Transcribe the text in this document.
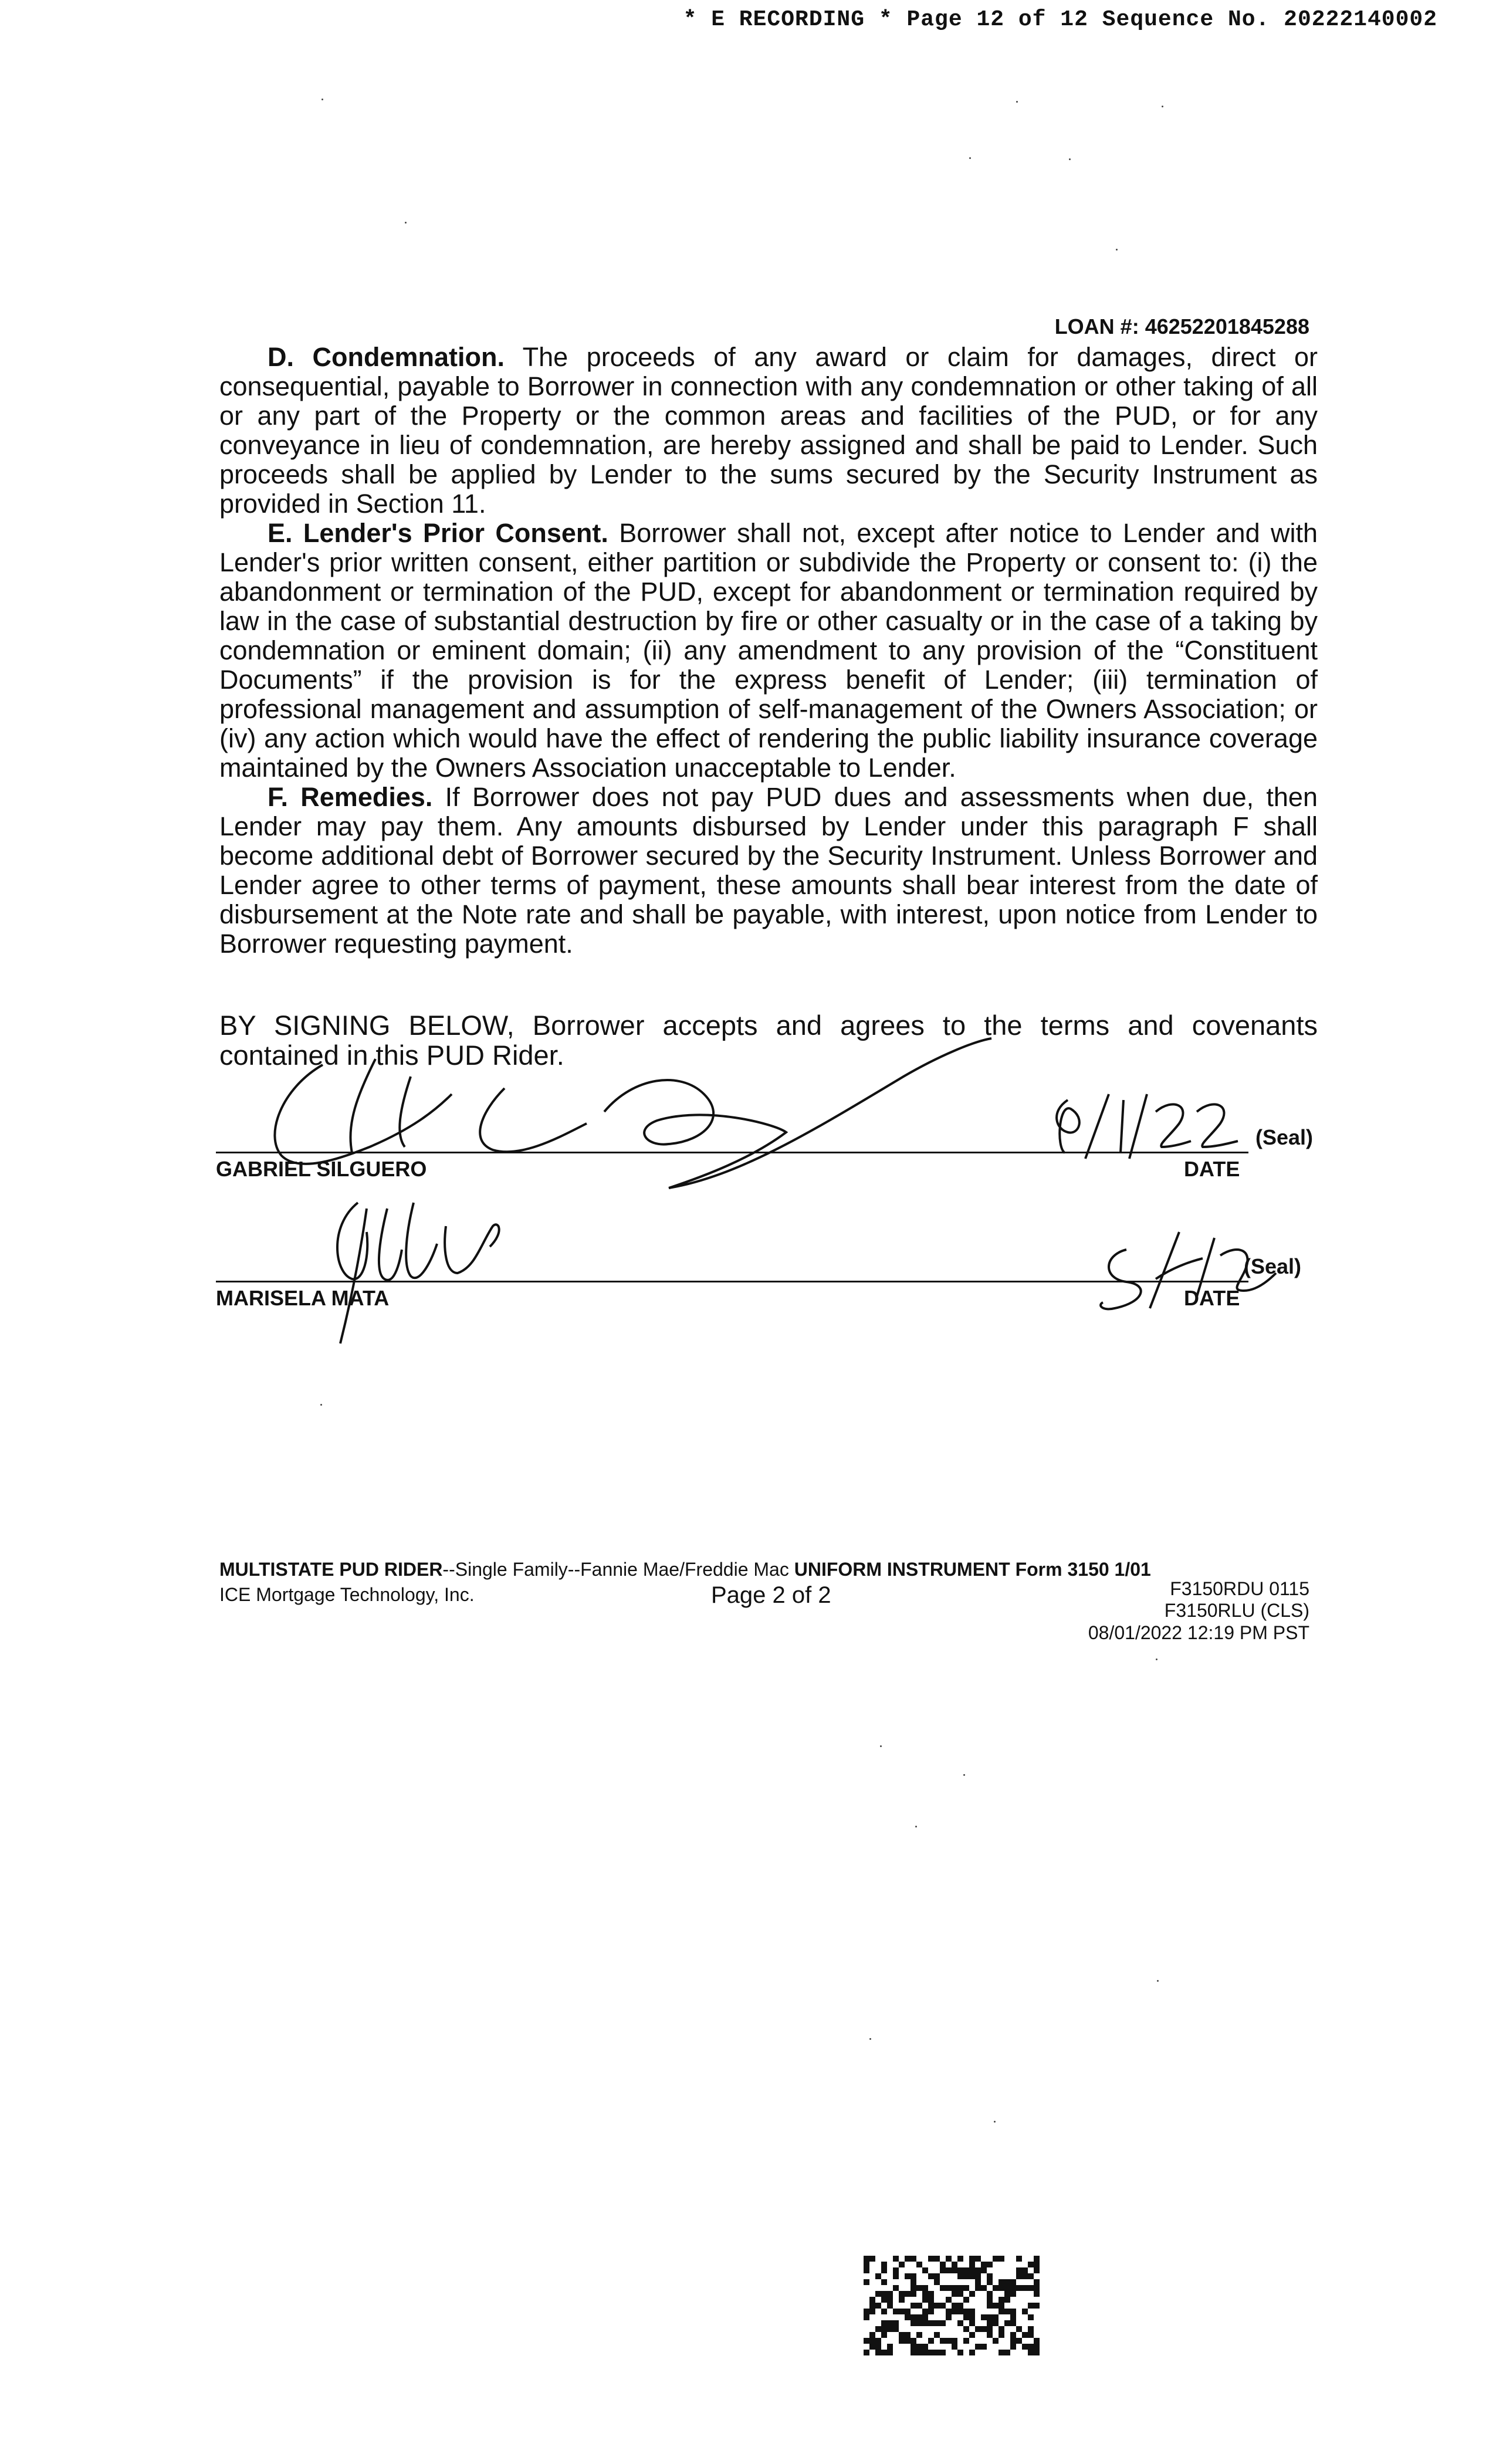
* E RECORDING * Page 12 of 12 Sequence No. 20222140002
LOAN #: 46252201845288

D. Condemnation. The proceeds of any award or claim for damages, direct or consequential, payable to Borrower in connection with any condemnation or other taking of all or any part of the Property or the common areas and facilities of the PUD, or for any conveyance in lieu of condemnation, are hereby assigned and shall be paid to Lender. Such proceeds shall be applied by Lender to the sums secured by the Security Instrument as provided in Section 11.

E. Lender's Prior Consent. Borrower shall not, except after notice to Lender and with Lender's prior written consent, either partition or subdivide the Property or consent to: (i) the abandonment or termination of the PUD, except for abandonment or termination required by law in the case of substantial destruction by fire or other casualty or in the case of a taking by condemnation or eminent domain; (ii) any amendment to any provision of the “Constituent Documents” if the provision is for the express benefit of Lender; (iii) termination of professional management and assumption of self-management of the Owners Association; or (iv) any action which would have the effect of rendering the public liability insurance coverage maintained by the Owners Association unacceptable to Lender.

F. Remedies. If Borrower does not pay PUD dues and assessments when due, then Lender may pay them. Any amounts disbursed by Lender under this paragraph F shall become additional debt of Borrower secured by the Security Instrument. Unless Borrower and Lender agree to other terms of payment, these amounts shall bear interest from the date of disbursement at the Note rate and shall be payable, with interest, upon notice from Lender to Borrower requesting payment.

BY SIGNING BELOW, Borrower accepts and agrees to the terms and covenants contained in this PUD Rider.
(Seal)
GABRIEL SILGUERO	DATE
(Seal)
MARISELA MATA	DATE
MULTISTATE PUD RIDER--Single Family--Fannie Mae/Freddie Mac UNIFORM INSTRUMENT Form 3150 1/01
ICE Mortgage Technology, Inc.	Page 2 of 2	F3150RDU 0115
F3150RLU (CLS)
08/01/2022 12:19 PM PST
